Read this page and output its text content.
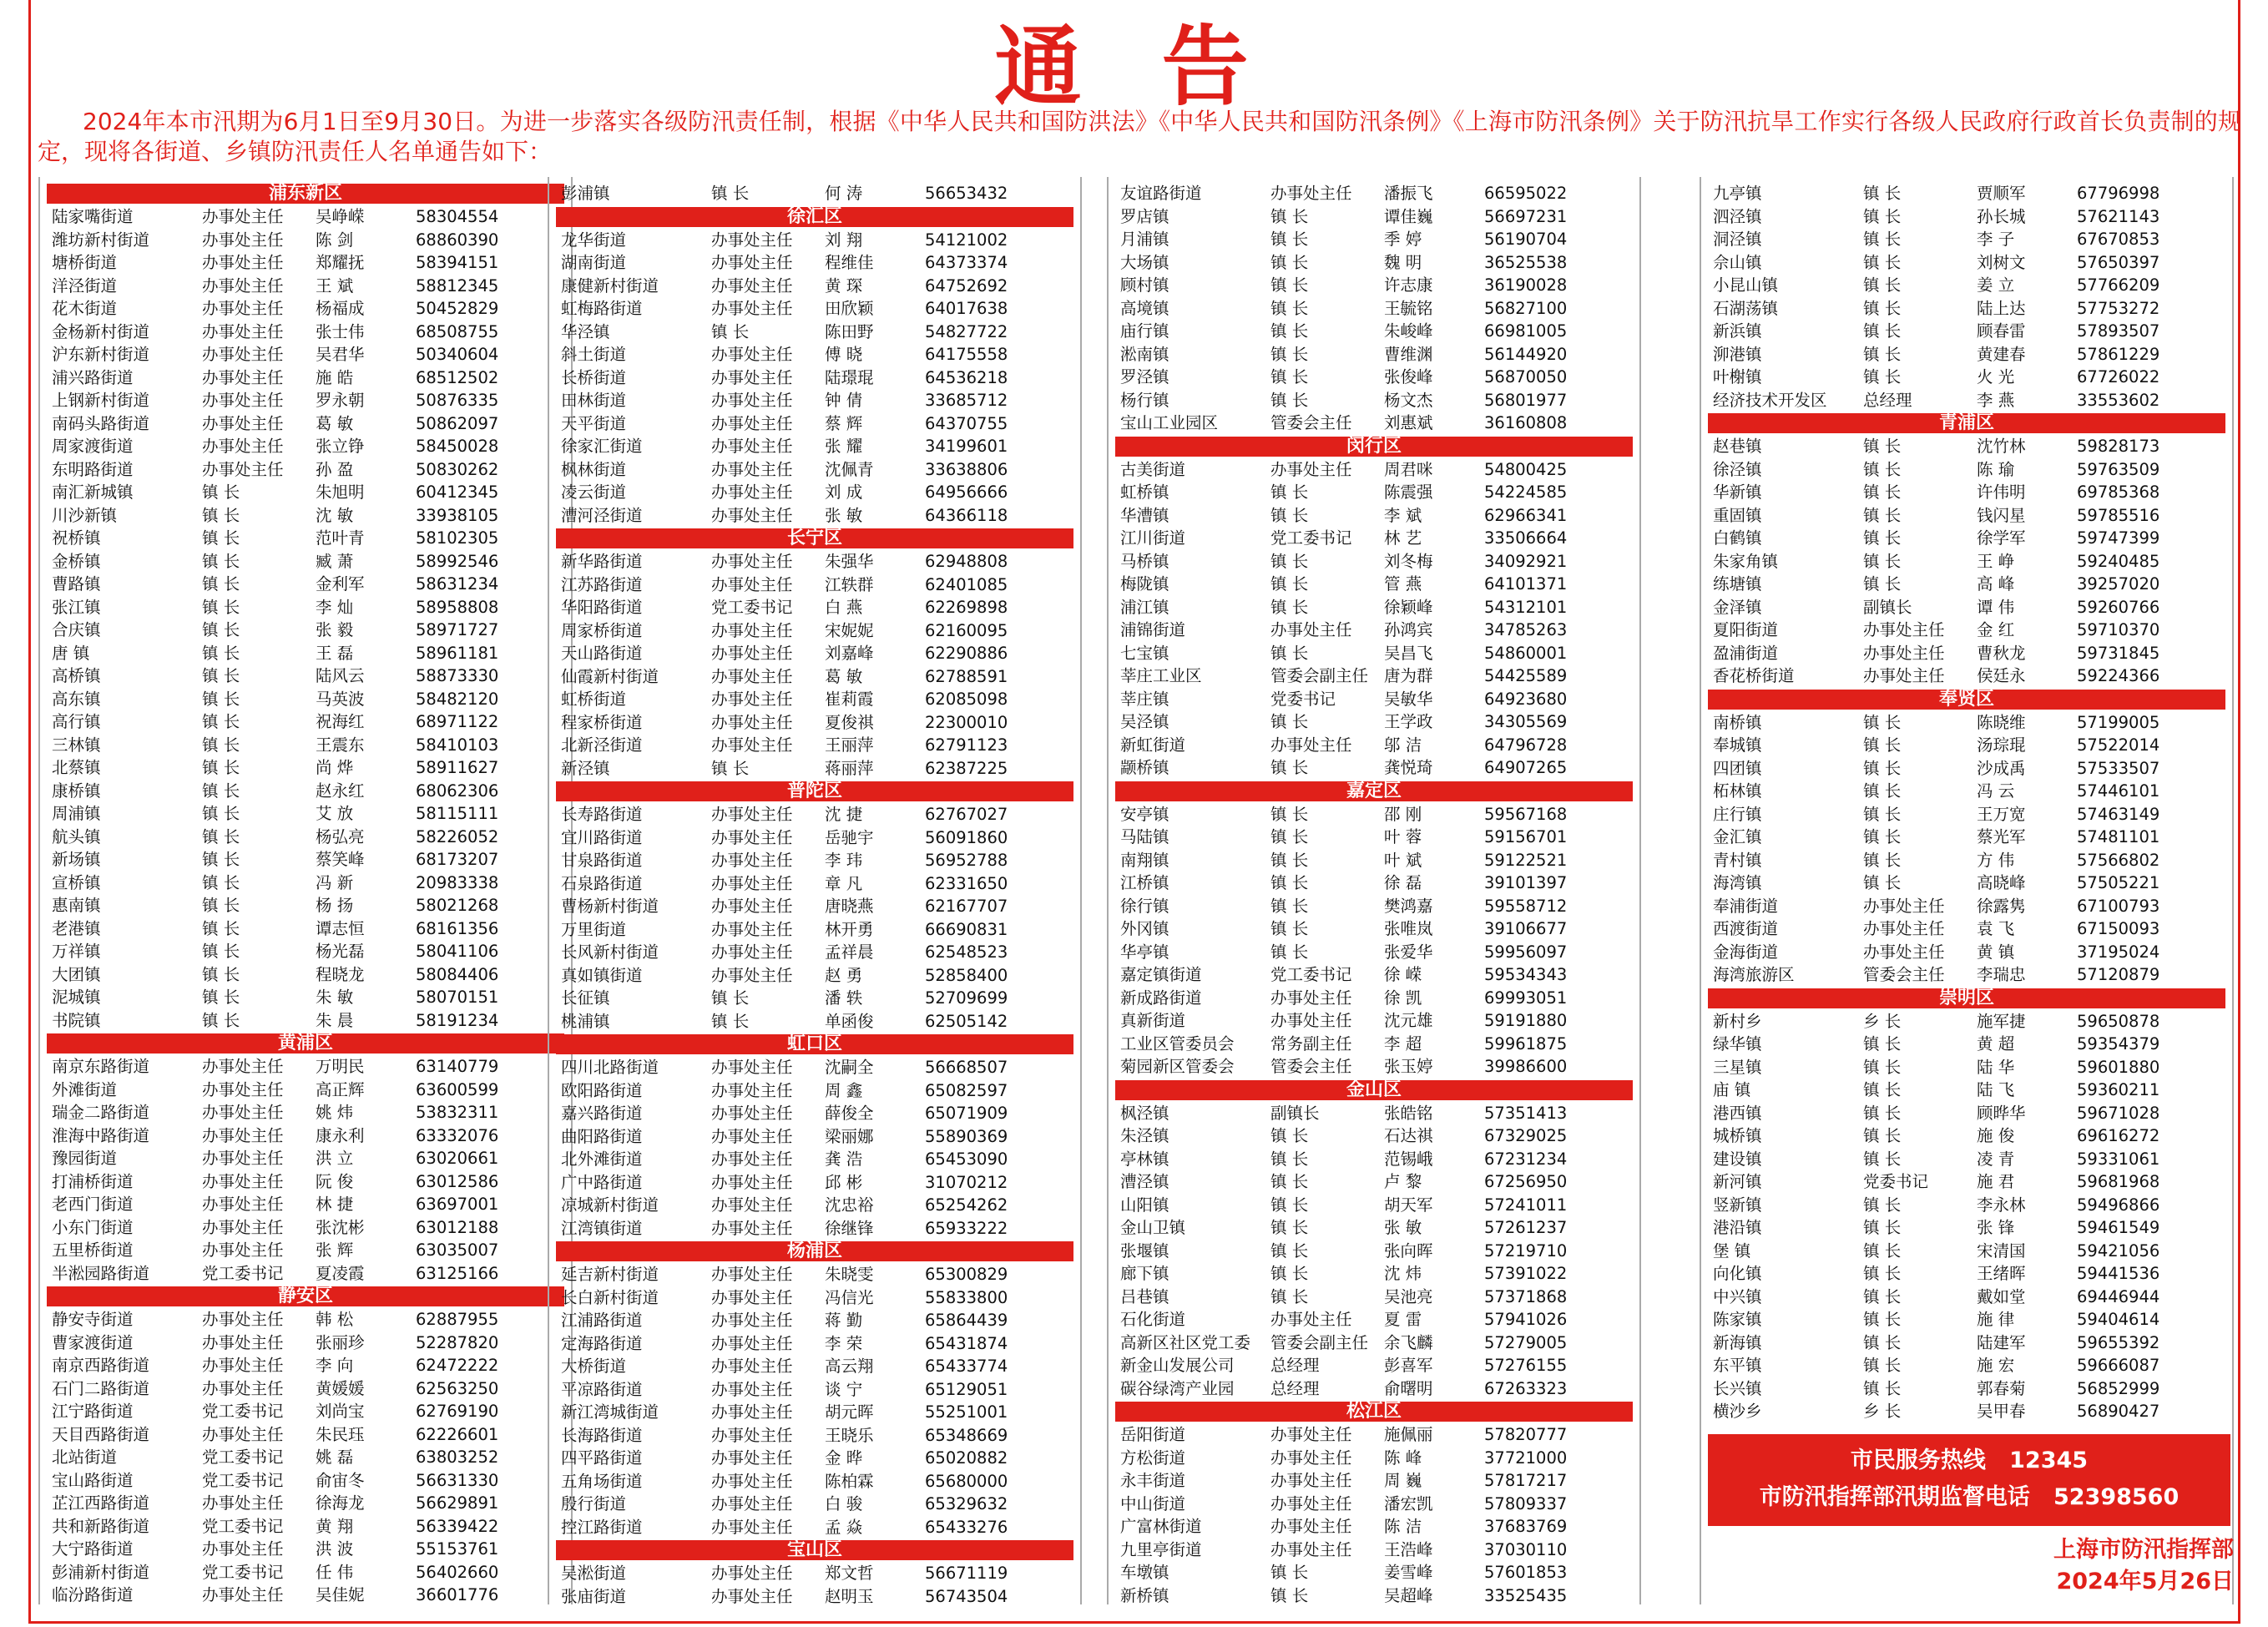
通 告
2024年本市汛期为6月1日至9月30日。为进一步落实各级防汛责任制，根据《中华人民共和国防洪法》《中华人民共和国防汛条例》《上海市防汛条例》关于防汛抗旱工作实行各级人民政府行政首长负责制的规定，现将各街道、乡镇防汛责任人名单通告如下：
浦东新区
陆家嘴街道	办事处主任	吴峥嵘	58304554
潍坊新村街道	办事处主任	陈 剑	68860390
塘桥街道	办事处主任	郑耀抚	58394151
洋泾街道	办事处主任	王 斌	58812345
花木街道	办事处主任	杨福成	50452829
金杨新村街道	办事处主任	张士伟	68508755
沪东新村街道	办事处主任	吴君华	50340604
浦兴路街道	办事处主任	施 皓	68512502
上钢新村街道	办事处主任	罗永朝	50876335
南码头路街道	办事处主任	葛 敏	50862097
周家渡街道	办事处主任	张立铮	58450028
东明路街道	办事处主任	孙 盈	50830262
南汇新城镇	镇 长	朱旭明	60412345
川沙新镇	镇 长	沈 敏	33938105
祝桥镇	镇 长	范叶青	58102305
金桥镇	镇 长	臧 萧	58992546
曹路镇	镇 长	金利军	58631234
张江镇	镇 长	李 灿	58958808
合庆镇	镇 长	张 毅	58971727
唐 镇	镇 长	王 磊	58961181
高桥镇	镇 长	陆风云	58873330
高东镇	镇 长	马英波	58482120
高行镇	镇 长	祝海红	68971122
三林镇	镇 长	王震东	58410103
北蔡镇	镇 长	尚 烨	58911627
康桥镇	镇 长	赵永红	68062306
周浦镇	镇 长	艾 放	58115111
航头镇	镇 长	杨弘亮	58226052
新场镇	镇 长	蔡笑峰	68173207
宣桥镇	镇 长	冯 新	20983338
惠南镇	镇 长	杨 扬	58021268
老港镇	镇 长	谭志恒	68161356
万祥镇	镇 长	杨光磊	58041106
大团镇	镇 长	程晓龙	58084406
泥城镇	镇 长	朱 敏	58070151
书院镇	镇 长	朱 晨	58191234
黄浦区
南京东路街道	办事处主任	万明民	63140779
外滩街道	办事处主任	高正辉	63600599
瑞金二路街道	办事处主任	姚 炜	53832311
淮海中路街道	办事处主任	康永利	63332076
豫园街道	办事处主任	洪 立	63020661
打浦桥街道	办事处主任	阮 俊	63012586
老西门街道	办事处主任	林 捷	63697001
小东门街道	办事处主任	张沈彬	63012188
五里桥街道	办事处主任	张 辉	63035007
半淞园路街道	党工委书记	夏凌霞	63125166
静安区
静安寺街道	办事处主任	韩 松	62887955
曹家渡街道	办事处主任	张丽珍	52287820
南京西路街道	办事处主任	李 向	62472222
石门二路街道	办事处主任	黄媛媛	62563250
江宁路街道	党工委书记	刘尚宝	62769190
天目西路街道	办事处主任	朱民珏	62226601
北站街道	党工委书记	姚 磊	63803252
宝山路街道	党工委书记	俞宙冬	56631330
芷江西路街道	办事处主任	徐海龙	56629891
共和新路街道	党工委书记	黄 翔	56339422
大宁路街道	办事处主任	洪 波	55153761
彭浦新村街道	党工委书记	任 伟	56402660
临汾路街道	办事处主任	吴佳妮	36601776
彭浦镇	镇 长	何 涛	56653432
徐汇区
龙华街道	办事处主任	刘 翔	54121002
湖南街道	办事处主任	程维佳	64373374
康健新村街道	办事处主任	黄 琛	64752692
虹梅路街道	办事处主任	田欣颖	64017638
华泾镇	镇 长	陈田野	54827722
斜土街道	办事处主任	傅 晓	64175558
长桥街道	办事处主任	陆璟琨	64536218
田林街道	办事处主任	钟 倩	33685712
天平街道	办事处主任	蔡 辉	64370755
徐家汇街道	办事处主任	张 耀	34199601
枫林街道	办事处主任	沈佩青	33638806
凌云街道	办事处主任	刘 成	64956666
漕河泾街道	办事处主任	张 敏	64366118
长宁区
新华路街道	办事处主任	朱强华	62948808
江苏路街道	办事处主任	江轶群	62401085
华阳路街道	党工委书记	白 燕	62269898
周家桥街道	办事处主任	宋妮妮	62160095
天山路街道	办事处主任	刘嘉峰	62290886
仙霞新村街道	办事处主任	葛 敏	62788591
虹桥街道	办事处主任	崔莉霞	62085098
程家桥街道	办事处主任	夏俊祺	22300010
北新泾街道	办事处主任	王丽萍	62791123
新泾镇	镇 长	蒋丽萍	62387225
普陀区
长寿路街道	办事处主任	沈 捷	62767027
宜川路街道	办事处主任	岳驰宇	56091860
甘泉路街道	办事处主任	李 玮	56952788
石泉路街道	办事处主任	章 凡	62331650
曹杨新村街道	办事处主任	唐晓燕	62167707
万里街道	办事处主任	林开勇	66690831
长风新村街道	办事处主任	孟祥晨	62548523
真如镇街道	办事处主任	赵 勇	52858400
长征镇	镇 长	潘 轶	52709699
桃浦镇	镇 长	单函俊	62505142
虹口区
四川北路街道	办事处主任	沈嗣全	56668507
欧阳路街道	办事处主任	周 鑫	65082597
嘉兴路街道	办事处主任	薛俊全	65071909
曲阳路街道	办事处主任	梁丽娜	55890369
北外滩街道	办事处主任	龚 浩	65453090
广中路街道	办事处主任	邱 彬	31070212
凉城新村街道	办事处主任	沈忠裕	65254262
江湾镇街道	办事处主任	徐继锋	65933222
杨浦区
延吉新村街道	办事处主任	朱晓雯	65300829
长白新村街道	办事处主任	冯信光	55833800
江浦路街道	办事处主任	蒋 勤	65864439
定海路街道	办事处主任	李 荣	65431874
大桥街道	办事处主任	高云翔	65433774
平凉路街道	办事处主任	谈 宁	65129051
新江湾城街道	办事处主任	胡元晖	55251001
长海路街道	办事处主任	王晓乐	65348669
四平路街道	办事处主任	金 晔	65020882
五角场街道	办事处主任	陈柏霖	65680000
殷行街道	办事处主任	白 骏	65329632
控江路街道	办事处主任	孟 焱	65433276
宝山区
吴淞街道	办事处主任	郑文哲	56671119
张庙街道	办事处主任	赵明玉	56743504
友谊路街道	办事处主任	潘振飞	66595022
罗店镇	镇 长	谭佳巍	56697231
月浦镇	镇 长	季 婷	56190704
大场镇	镇 长	魏 明	36525538
顾村镇	镇 长	许志康	36190028
高境镇	镇 长	王毓铭	56827100
庙行镇	镇 长	朱峻峰	66981005
淞南镇	镇 长	曹维渊	56144920
罗泾镇	镇 长	张俊峰	56870050
杨行镇	镇 长	杨文杰	56801977
宝山工业园区	管委会主任	刘惠斌	36160808
闵行区
古美街道	办事处主任	周君咪	54800425
虹桥镇	镇 长	陈震强	54224585
华漕镇	镇 长	李 斌	62966341
江川街道	党工委书记	林 艺	33506664
马桥镇	镇 长	刘冬梅	34092921
梅陇镇	镇 长	管 燕	64101371
浦江镇	镇 长	徐颖峰	54312101
浦锦街道	办事处主任	孙鸿宾	34785263
七宝镇	镇 长	吴昌飞	54860001
莘庄工业区	管委会副主任 唐为群	54425589
莘庄镇	党委书记	吴敏华	64923680
吴泾镇	镇 长	王学政	34305569
新虹街道	办事处主任	邬 洁	64796728
颛桥镇	镇 长	龚悦琦	64907265
嘉定区
安亭镇	镇 长	邵 刚	59567168
马陆镇	镇 长	叶 蓉	59156701
南翔镇	镇 长	叶 斌	59122521
江桥镇	镇 长	徐 磊	39101397
徐行镇	镇 长	樊鸿嘉	59558712
外冈镇	镇 长	张唯岚	39106677
华亭镇	镇 长	张爱华	59956097
嘉定镇街道	党工委书记	徐 嵘	59534343
新成路街道	办事处主任	徐 凯	69993051
真新街道	办事处主任	沈元雄	59191880
工业区管委员会	常务副主任	李 超	59961875
菊园新区管委会	管委会主任	张玉婷	39986600
金山区
枫泾镇	副镇长	张皓铭	57351413
朱泾镇	镇 长	石达祺	67329025
亭林镇	镇 长	范锡峨	67231234
漕泾镇	镇 长	卢 黎	67256950
山阳镇	镇 长	胡天军	57241011
金山卫镇	镇 长	张 敏	57261237
张堰镇	镇 长	张向晖	57219710
廊下镇	镇 长	沈 炜	57391022
吕巷镇	镇 长	吴池亮	57371868
石化街道	办事处主任	夏 雷	57941026
高新区社区党工委	管委会副主任 余飞麟	57279005
新金山发展公司	总经理	彭喜军	57276155
碳谷绿湾产业园	总经理	俞曙明	67263323
松江区
岳阳街道	办事处主任	施佩丽	57820777
方松街道	办事处主任	陈 峰	37721000
永丰街道	办事处主任	周 巍	57817217
中山街道	办事处主任	潘宏凯	57809337
广富林街道	办事处主任	陈 洁	37683769
九里亭街道	办事处主任	王浩峰	37030110
车墩镇	镇 长	姜雪峰	57601853
新桥镇	镇 长	吴超峰	33525435
九亭镇	镇 长	贾顺军	67796998
泗泾镇	镇 长	孙长城	57621143
洞泾镇	镇 长	李 子	67670853
佘山镇	镇 长	刘树文	57650397
小昆山镇	镇 长	姜 立	57766209
石湖荡镇	镇 长	陆上达	57753272
新浜镇	镇 长	顾春雷	57893507
泖港镇	镇 长	黄建春	57861229
叶榭镇	镇 长	火 光	67726022
经济技术开发区	总经理	李 燕	33553602
青浦区
赵巷镇	镇 长	沈竹林	59828173
徐泾镇	镇 长	陈 瑜	59763509
华新镇	镇 长	许伟明	69785368
重固镇	镇 长	钱闪星	59785516
白鹤镇	镇 长	徐学军	59747399
朱家角镇	镇 长	王 峥	59240485
练塘镇	镇 长	高 峰	39257020
金泽镇	副镇长	谭 伟	59260766
夏阳街道	办事处主任	金 红	59710370
盈浦街道	办事处主任	曹秋龙	59731845
香花桥街道	办事处主任	侯廷永	59224366
奉贤区
南桥镇	镇 长	陈晓维	57199005
奉城镇	镇 长	汤琮琨	57522014
四团镇	镇 长	沙成禹	57533507
柘林镇	镇 长	冯 云	57446101
庄行镇	镇 长	王万宽	57463149
金汇镇	镇 长	蔡光军	57481101
青村镇	镇 长	方 伟	57566802
海湾镇	镇 长	高晓峰	57505221
奉浦街道	办事处主任	徐露隽	67100793
西渡街道	办事处主任	袁 飞	67150093
金海街道	办事处主任	黄 镇	37195024
海湾旅游区	管委会主任	李瑞忠	57120879
崇明区
新村乡	乡 长	施军捷	59650878
绿华镇	镇 长	黄 超	59354379
三星镇	镇 长	陆 华	59601880
庙 镇	镇 长	陆 飞	59360211
港西镇	镇 长	顾晔华	59671028
城桥镇	镇 长	施 俊	69616272
建设镇	镇 长	凌 青	59331061
新河镇	党委书记	施 君	59681968
竖新镇	镇 长	李永林	59496866
港沿镇	镇 长	张 锋	59461549
堡 镇	镇 长	宋清国	59421056
向化镇	镇 长	王绪晖	59441536
中兴镇	镇 长	戴如堂	69446944
陈家镇	镇 长	施 律	59404614
新海镇	镇 长	陆建军	59655392
东平镇	镇 长	施 宏	59666087
长兴镇	镇 长	郭春菊	56852999
横沙乡	乡 长	吴甲春	56890427
市民服务热线 12345
市防汛指挥部汛期监督电话 52398560
上海市防汛指挥部
2024年5月26日
